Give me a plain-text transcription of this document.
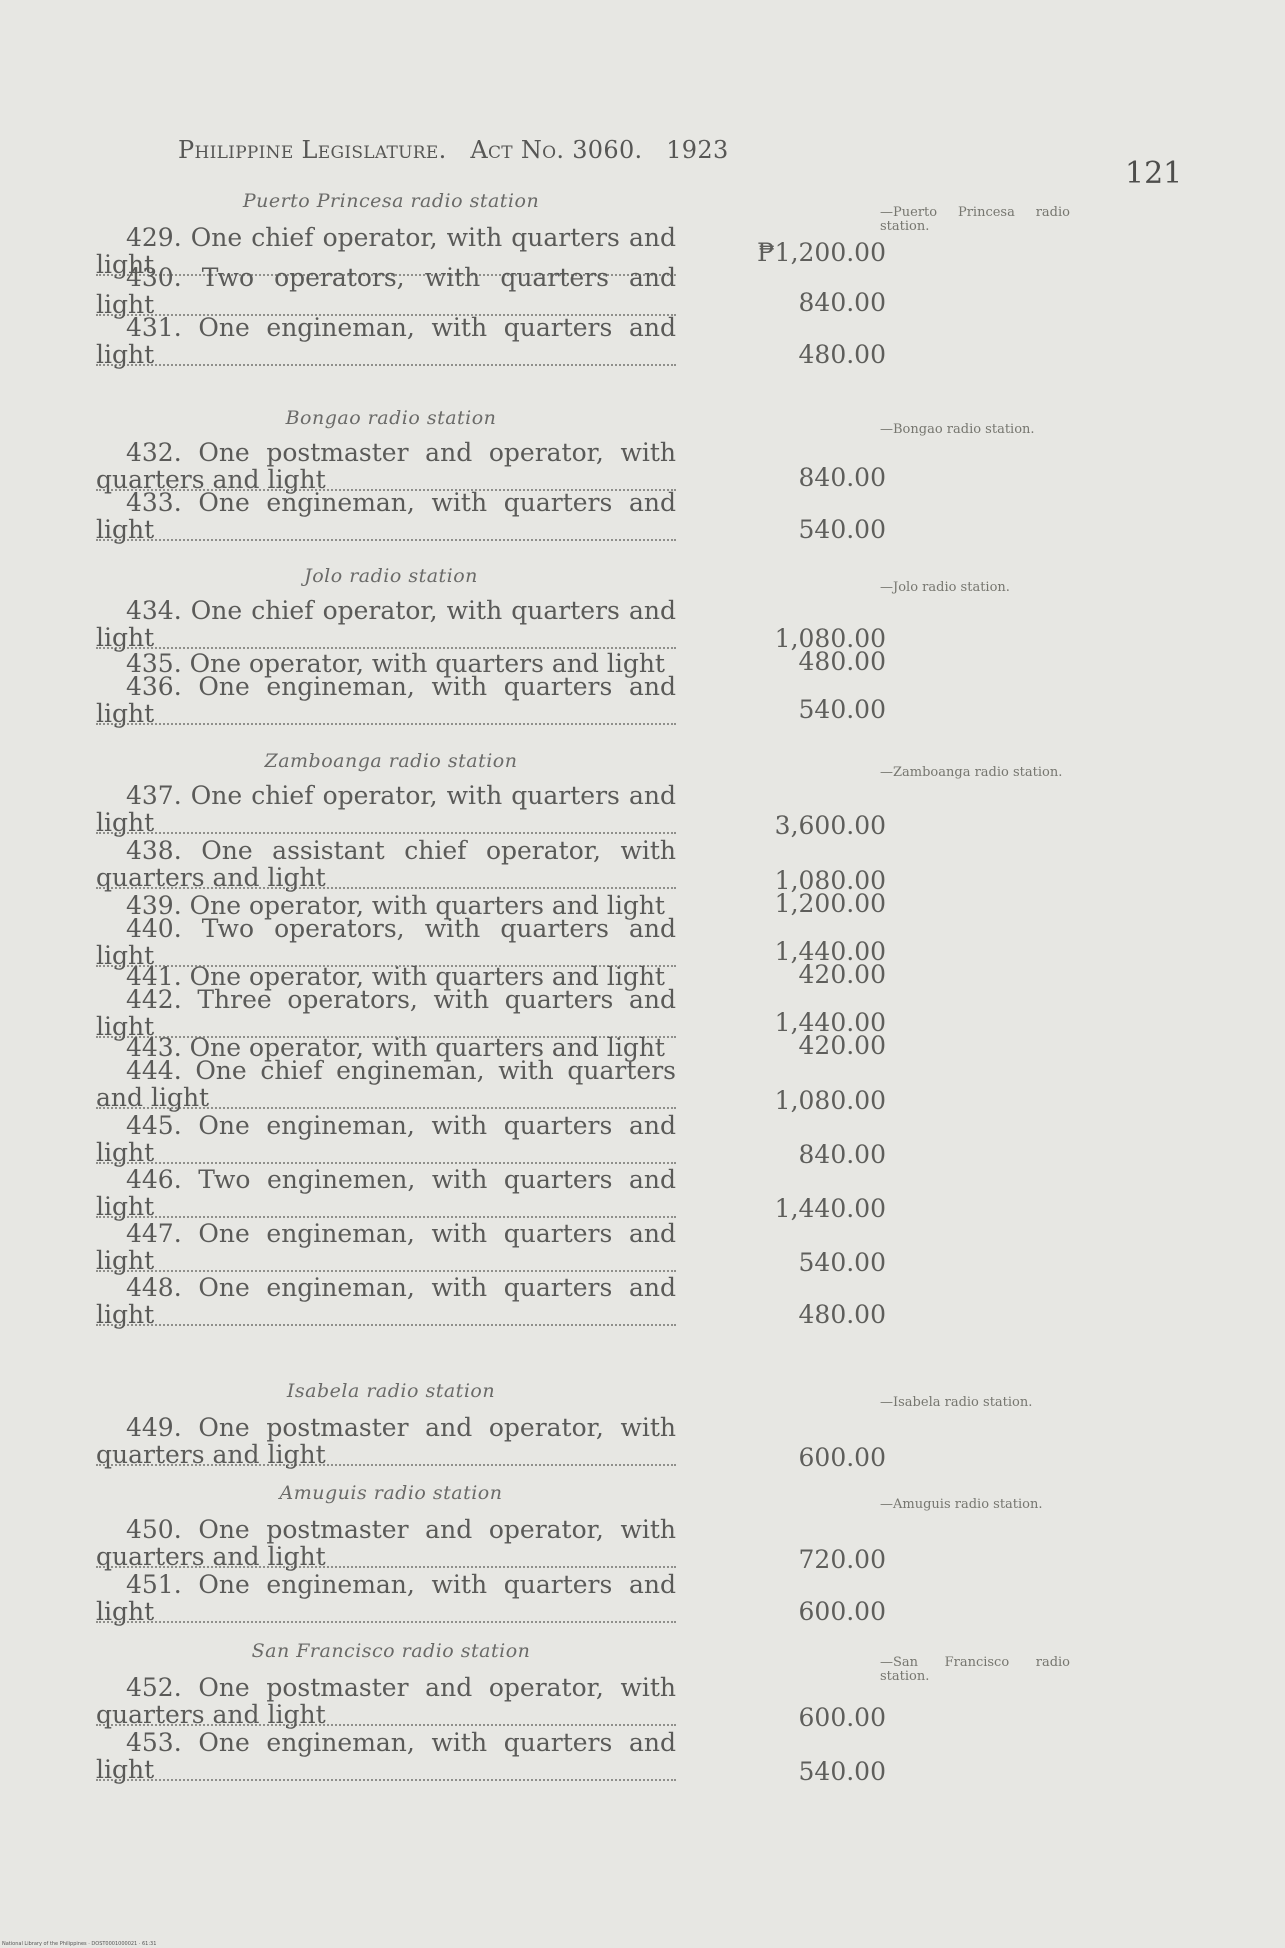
Philippine Legislature. Act No. 3060. 1923
121
Puerto Princesa radio station
—Puerto Princesa radio station.
429. One chief operator, with quarters and light	₱1,200.00
430. Two operators, with quarters and light	840.00
431. One engineman, with quarters and light	480.00
Bongao radio station
—Bongao radio station.
432. One postmaster and operator, with quarters and light	840.00
433. One engineman, with quarters and light	540.00
Jolo radio station
—Jolo radio station.
434. One chief operator, with quarters and light	1,080.00
435. One operator, with quarters and light	480.00
436. One engineman, with quarters and light	540.00
Zamboanga radio station
—Zamboanga radio station.
437. One chief operator, with quarters and light	3,600.00
438. One assistant chief operator, with quarters and light	1,080.00
439. One operator, with quarters and light	1,200.00
440. Two operators, with quarters and light	1,440.00
441. One operator, with quarters and light	420.00
442. Three operators, with quarters and light	1,440.00
443. One operator, with quarters and light	420.00
444. One chief engineman, with quarters and light	1,080.00
445. One engineman, with quarters and light	840.00
446. Two enginemen, with quarters and light	1,440.00
447. One engineman, with quarters and light	540.00
448. One engineman, with quarters and light	480.00
Isabela radio station
—Isabela radio station.
449. One postmaster and operator, with quarters and light	600.00
Amuguis radio station
—Amuguis radio station.
450. One postmaster and operator, with quarters and light	720.00
451. One engineman, with quarters and light	600.00
San Francisco radio station
—San Francisco radio station.
452. One postmaster and operator, with quarters and light	600.00
453. One engineman, with quarters and light	540.00
National Library of the Philippines · DOST0001000021 · 61:31
